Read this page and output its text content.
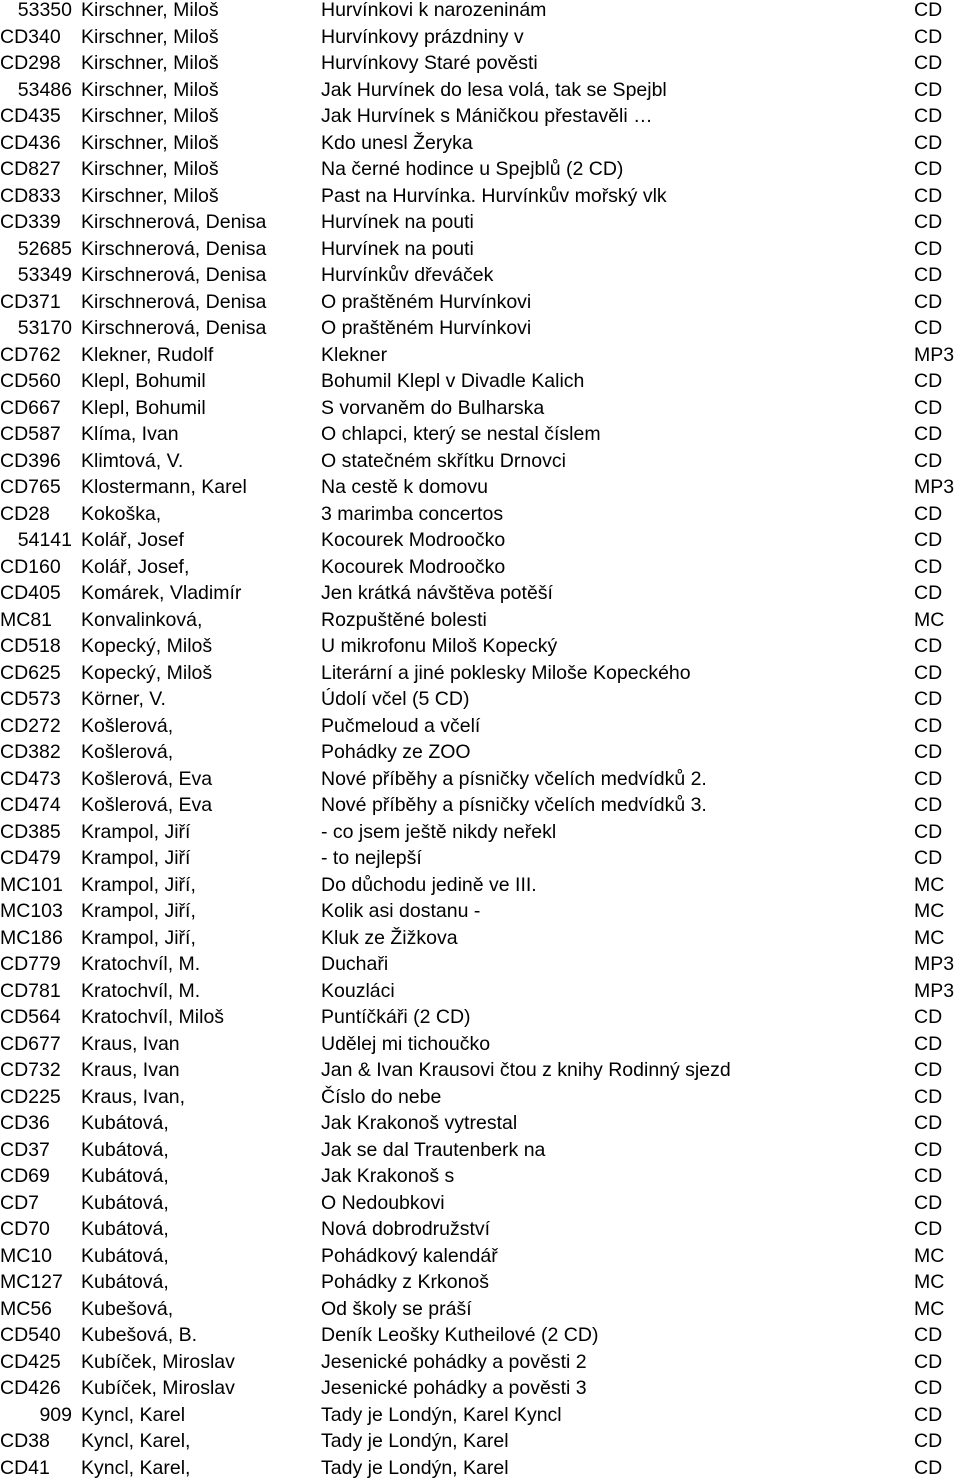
53350 Kirschner, Miloš	Hurvínkovi k narozeninám	CD
CD340	Kirschner, Miloš	Hurvínkovy prázdniny v	CD
CD298	Kirschner, Miloš	Hurvínkovy Staré pověsti	CD
53486 Kirschner, Miloš	Jak Hurvínek do lesa volá, tak se Spejbl	CD
CD435	Kirschner, Miloš	Jak Hurvínek s Máničkou přestavěli …	CD
CD436	Kirschner, Miloš	Kdo unesl Žeryka	CD
CD827	Kirschner, Miloš	Na černé hodince u Spejblů (2 CD)	CD
CD833	Kirschner, Miloš	Past na Hurvínka. Hurvínkův mořský vlk	CD
CD339	Kirschnerová, Denisa	Hurvínek na pouti	CD
52685 Kirschnerová, Denisa	Hurvínek na pouti	CD
53349 Kirschnerová, Denisa	Hurvínkův dřeváček	CD
CD371	Kirschnerová, Denisa	O praštěném Hurvínkovi	CD
53170 Kirschnerová, Denisa	O praštěném Hurvínkovi	CD
CD762	Klekner, Rudolf	Klekner	MP3
CD560	Klepl, Bohumil	Bohumil Klepl v Divadle Kalich	CD
CD667	Klepl, Bohumil	S vorvaněm do Bulharska	CD
CD587	Klíma, Ivan	O chlapci, který se nestal číslem	CD
CD396	Klimtová, V.	O statečném skřítku Drnovci	CD
CD765	Klostermann, Karel	Na cestě k domovu	MP3
CD28	Kokoška,	3 marimba concertos	CD
54141 Kolář, Josef	Kocourek Modroočko	CD
CD160	Kolář, Josef,	Kocourek Modroočko	CD
CD405	Komárek, Vladimír	Jen krátká návštěva potěší	CD
MC81	Konvalinková,	Rozpuštěné bolesti	MC
CD518	Kopecký, Miloš	U mikrofonu Miloš Kopecký	CD
CD625	Kopecký, Miloš	Literární a jiné poklesky Miloše Kopeckého	CD
CD573	Körner, V.	Údolí včel (5 CD)	CD
CD272	Košlerová,	Pučmeloud a včelí	CD
CD382	Košlerová,	Pohádky ze ZOO	CD
CD473	Košlerová, Eva	Nové příběhy a písničky včelích medvídků 2.	CD
CD474	Košlerová, Eva	Nové příběhy a písničky včelích medvídků 3.	CD
CD385	Krampol, Jiří	- co jsem ještě nikdy neřekl	CD
CD479	Krampol, Jiří	- to nejlepší	CD
MC101 Krampol, Jiří,	Do důchodu jedině ve III.	MC
MC103 Krampol, Jiří,	Kolik asi dostanu -	MC
MC186 Krampol, Jiří,	Kluk ze Žižkova	MC
CD779	Kratochvíl, M.	Duchaři	MP3
CD781	Kratochvíl, M.	Kouzláci	MP3
CD564	Kratochvíl, Miloš	Puntíčkáři (2 CD)	CD
CD677	Kraus, Ivan	Udělej mi tichoučko	CD
CD732	Kraus, Ivan	Jan & Ivan Krausovi čtou z knihy Rodinný sjezd	CD
CD225	Kraus, Ivan,	Číslo do nebe	CD
CD36	Kubátová,	Jak Krakonoš vytrestal	CD
CD37	Kubátová,	Jak se dal Trautenberk na	CD
CD69	Kubátová,	Jak Krakonoš s	CD
CD7	Kubátová,	O Nedoubkovi	CD
CD70	Kubátová,	Nová dobrodružství	CD
MC10	Kubátová,	Pohádkový kalendář	MC
MC127 Kubátová,	Pohádky z Krkonoš	MC
MC56	Kubešová,	Od školy se práší	MC
CD540	Kubešová, B.	Deník Leošky Kutheilové (2 CD)	CD
CD425	Kubíček, Miroslav	Jesenické pohádky a pověsti 2	CD
CD426	Kubíček, Miroslav	Jesenické pohádky a pověsti 3	CD
909 Kyncl, Karel	Tady je Londýn, Karel Kyncl	CD
CD38	Kyncl, Karel,	Tady je Londýn, Karel	CD
CD41	Kyncl, Karel,	Tady je Londýn, Karel	CD
